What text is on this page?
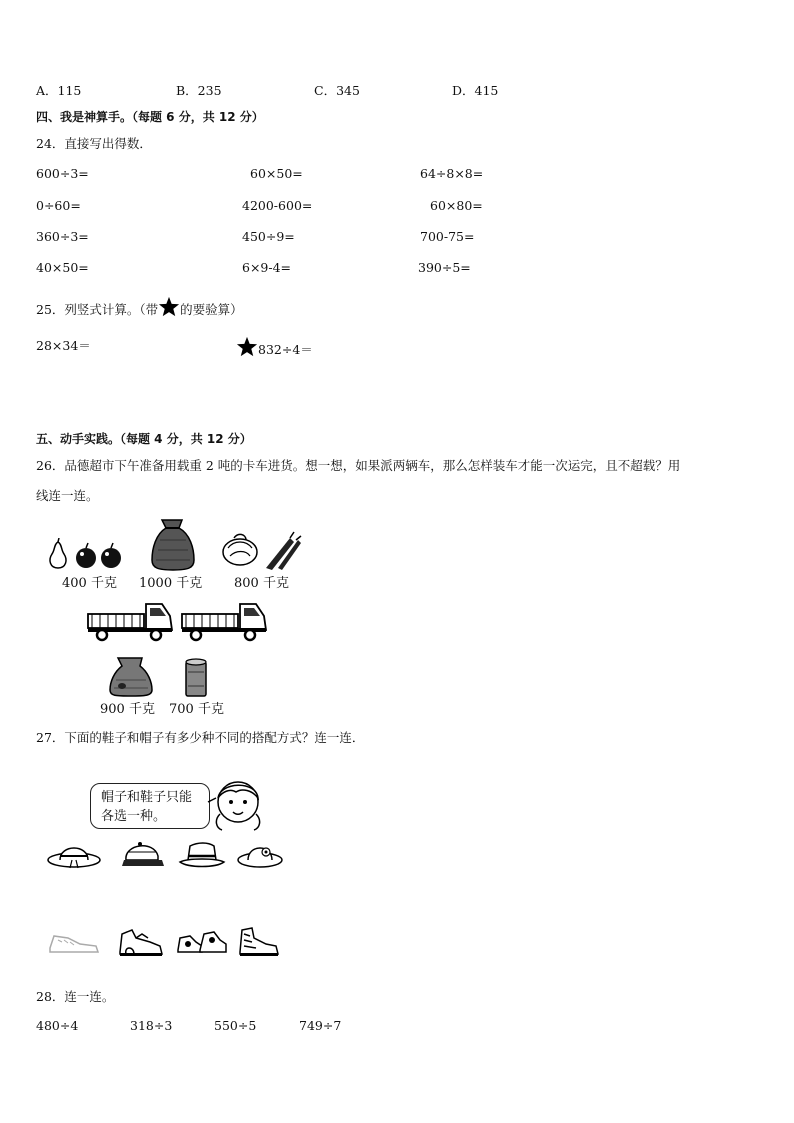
A．115	B．235	C．345	D．415
四、我是神算手。（每题 6 分，共 12 分）
24．直接写出得数．
600÷3=	60×50=	64÷8×8=
0÷60=	4200-600=	60×80=
360÷3=	450÷9=	700-75=
40×50=	6×9-4=	390÷5=
25．列竖式计算。（带 的要验算）
28×34＝	832÷4＝
五、动手实践。（每题 4 分，共 12 分）
26．品德超市下午准备用载重 2 吨的卡车进货。想一想，如果派两辆车，那么怎样装车才能一次运完，且不超载？用
线连一连。
400 千克 1000 千克 800 千克
900 千克 700 千克
27．下面的鞋子和帽子有多少种不同的搭配方式？连一连．
帽子和鞋子只能
各选一种。
28．连一连。
480÷4	318÷3	550÷5	749÷7
